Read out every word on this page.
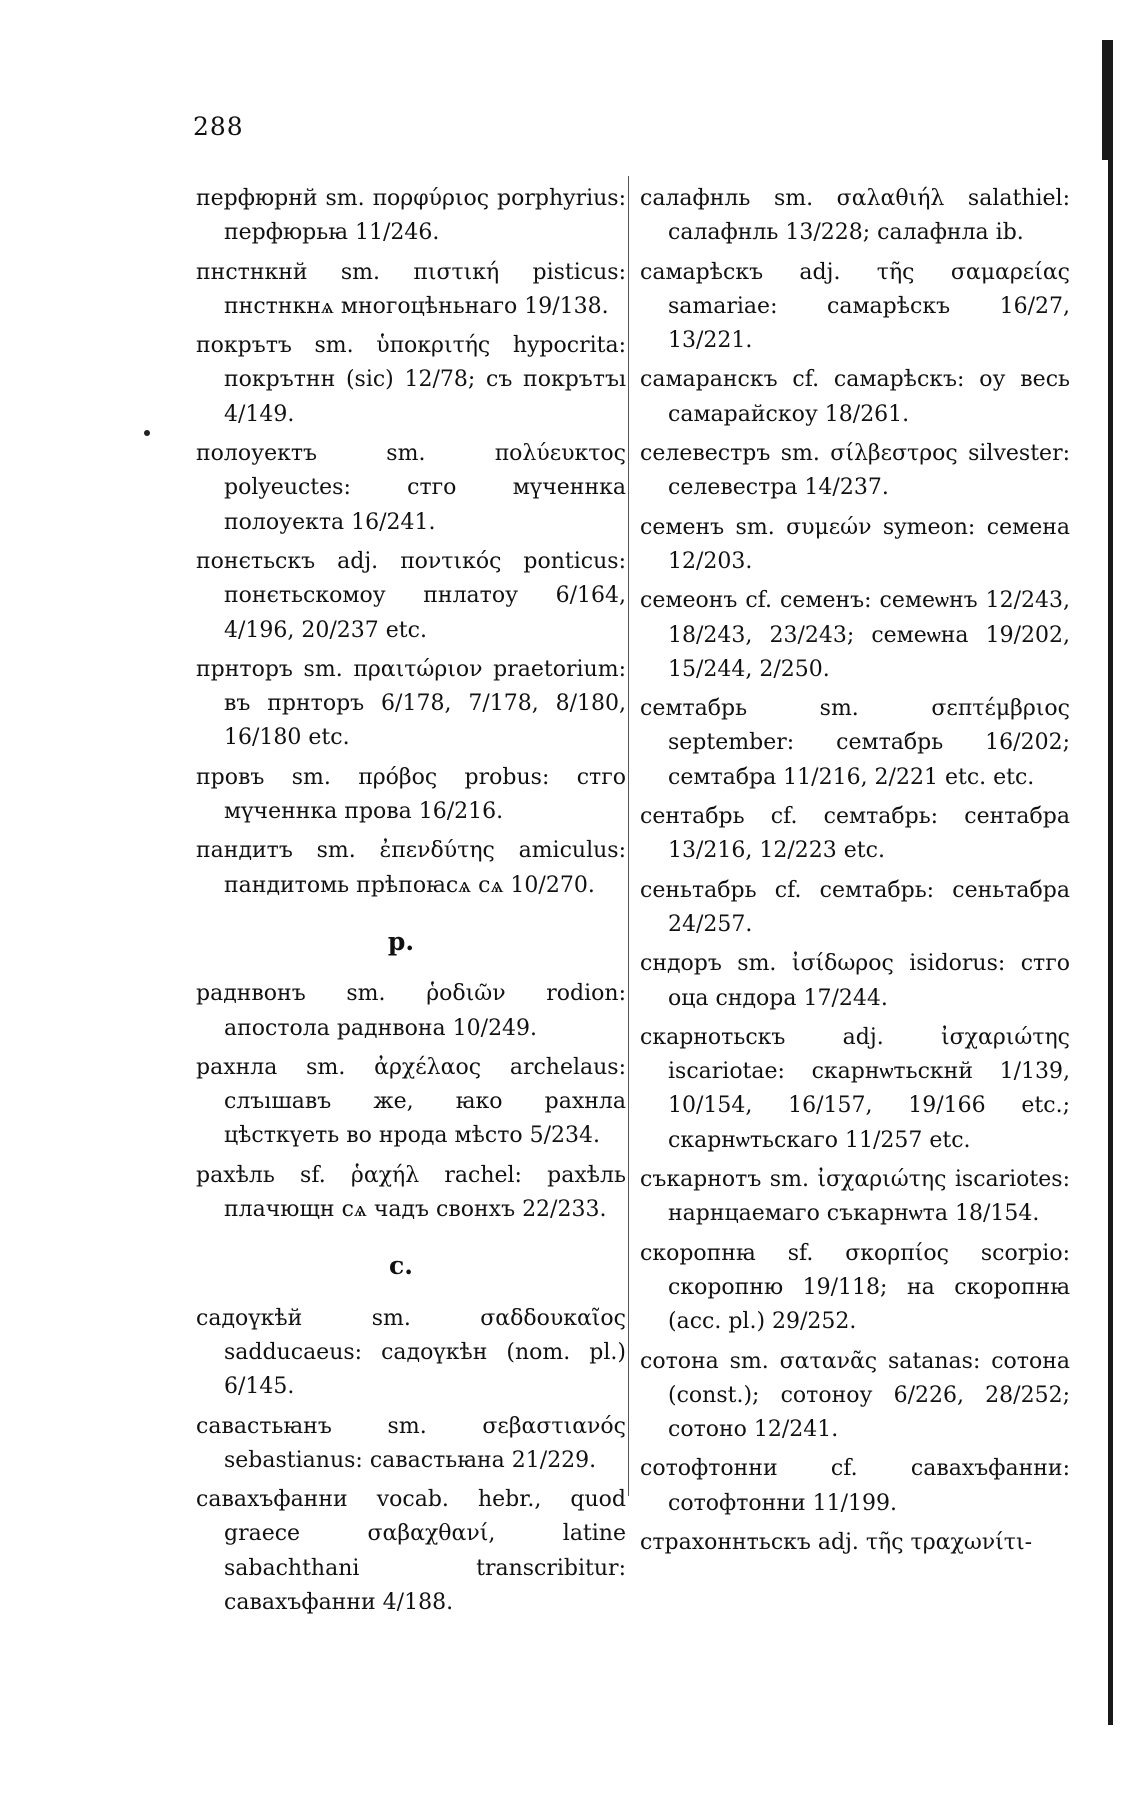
288

перфюрнй sm. πορφύριος porphyrius: перфюрьꙗ 11/246.

пнстнкнй sm. πιστική pisticus: пнстнкнѧ многоцѣньнаго 19/138.

покрътъ sm. ὑποκριτής hypocrita: покрътнн (sic) 12/78; съ покрътъı 4/149.

полоуектъ sm. πολύευκτος polyeuctes: стго мүченнка полоуекта 16/241.

понєтьскъ adj. ποντικός ponticus: понєтьскомоу пнлатоу 6/164, 4/196, 20/237 etc.

прнторъ sm. πραιτώριον praetorium: въ прнторъ 6/178, 7/178, 8/180, 16/180 etc.

провъ sm. πρόβος probus: стго мүченнка прова 16/216.

пандитъ sm. ἐπενδύτης amiculus: пандитомь прѣпоꙗсѧ сѧ 10/270.

р.

раднвонъ sm. ῥοδιῶν rodion: апостола раднвона 10/249.

рахнла sm. ἀρχέλαος archelaus: слъıшавъ же, ꙗко рахнла цѣсткүеть во нрода мѣсто 5/234.

рахѣль sf. ῥαχήλ rachel: рахѣль плачющн сѧ чадъ свонхъ 22/233.

с.

садоүкѣй sm. σαδδουκαῖος sadducaeus: садоүкѣн (nom. pl.) 6/145.

савастьꙗнъ sm. σεβαστιανός sebastianus: савастьꙗна 21/229.

савахъфанни vocab. hebr., quod graece σαβαχθανί, latine sabachthani transcribitur: савахъфанни 4/188.

салафнль sm. σαλαθιήλ salathiel: салафнль 13/228; салафнла ib.

самарѣскъ adj. τῆς σαμαρείας samariae: самарѣскъ 16/27, 13/221.

самаранскъ cf. самарѣскъ: оу весь самарайскоу 18/261.

селевестръ sm. σίλβεστρος silvester: селевестра 14/237.

семенъ sm. συμεών symeon: семена 12/203.

семеонъ cf. семенъ: семеѡнъ 12/243, 18/243, 23/243; семеѡна 19/202, 15/244, 2/250.

семтабрь sm. σεπτέμβριος september: семтабрь 16/202; семтабра 11/216, 2/221 etc. etc.

сентабрь cf. семтабрь: сентабра 13/216, 12/223 etc.

сеньтабрь cf. семтабрь: сеньтабра 24/257.

сндоръ sm. ἰσίδωρος isidorus: стго оца сндора 17/244.

скарнотьскъ adj. ἰσχαριώτης iscariotae: скарнѡтьскнй 1/139, 10/154, 16/157, 19/166 etc.; скарнѡтьскаго 11/257 etc.

съкарнотъ sm. ἰσχαριώτης iscariotes: нарнцаемаго съкарнѡта 18/154.

скоропнꙗ sf. σκορπίος scorpio: скоропню 19/118; на скоропнꙗ (acc. pl.) 29/252.

сотона sm. σατανᾶς satanas: сотона (const.); сотоноу 6/226, 28/252; сотоно 12/241.

сотофтонни cf. савахъфанни: сотофтонни 11/199.

страхоннтьскъ adj. τῆς τραχωνίτι-
